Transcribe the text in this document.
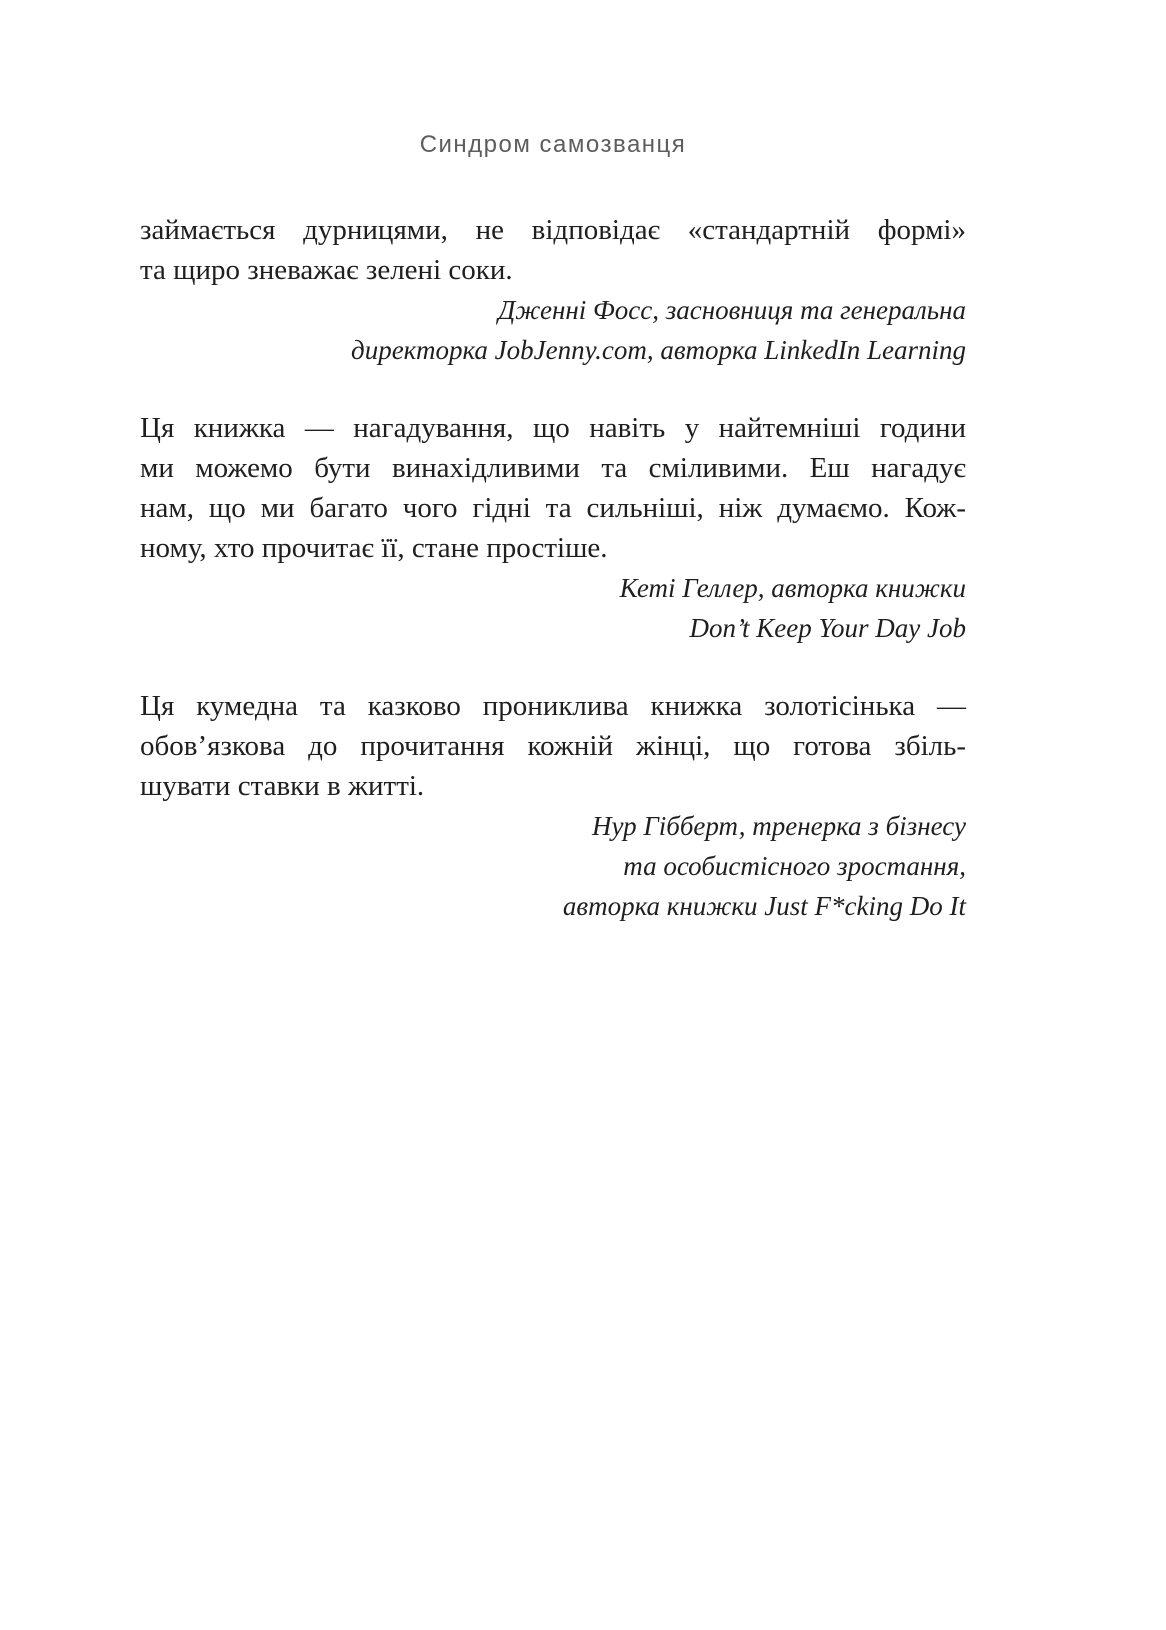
Синдром самозванця
займається дурницями, не відповідає «стандартній формі»
та щиро зневажає зелені соки.
Дженні Фосс, засновниця та генеральна
директорка JobJenny.com, авторка LinkedIn Learning
Ця книжка — нагадування, що навіть у найтемніші години
ми можемо бути винахідливими та сміливими. Еш нагадує
нам, що ми багато чого гідні та сильніші, ніж думаємо. Кож-
ному, хто прочитає її, стане простіше.
Кеті Геллер, авторка книжки
Don’t Keep Your Day Job
Ця кумедна та казково прониклива книжка золотісінька —
обов’язкова до прочитання кожній жінці, що готова збіль-
шувати ставки в житті.
Нур Гібберт, тренерка з бізнесу
та особистісного зростання,
авторка книжки Just F*cking Do It
